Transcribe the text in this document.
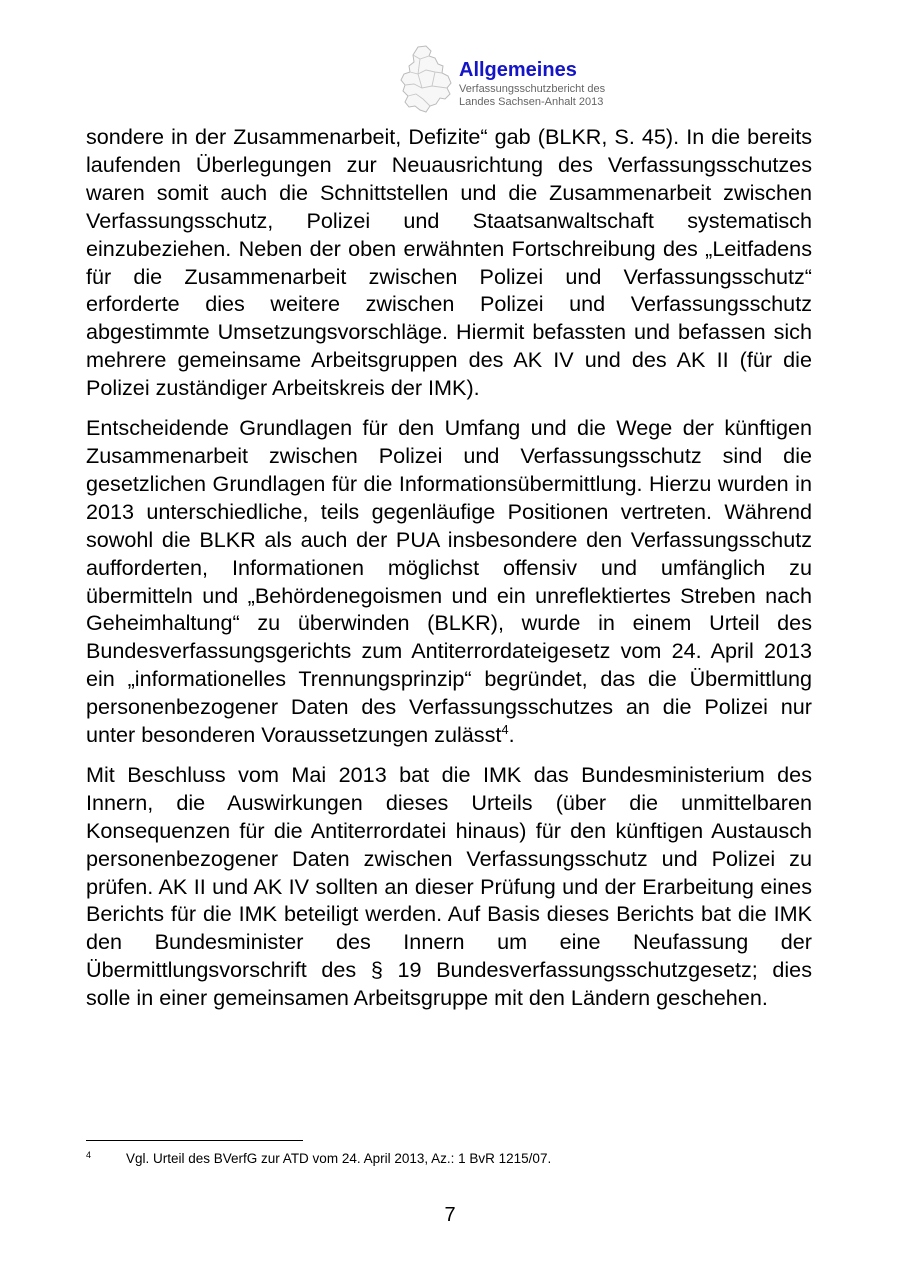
Allgemeines
Verfassungsschutzbericht des
Landes Sachsen-Anhalt 2013

sondere in der Zusammenarbeit, Defizite“ gab (BLKR, S. 45). In die bereits laufenden Überlegungen zur Neuausrichtung des Verfassungsschutzes waren somit auch die Schnittstellen und die Zusammenarbeit zwischen Verfassungsschutz, Polizei und Staatsanwaltschaft systematisch einzubeziehen. Neben der oben erwähnten Fortschreibung des „Leitfadens für die Zusammenarbeit zwischen Polizei und Verfassungsschutz“ erforderte dies weitere zwischen Polizei und Verfassungsschutz abgestimmte Umsetzungsvorschläge. Hiermit befassten und befassen sich mehrere gemeinsame Arbeitsgruppen des AK IV und des AK II (für die Polizei zuständiger Arbeitskreis der IMK).

Entscheidende Grundlagen für den Umfang und die Wege der künftigen Zusammenarbeit zwischen Polizei und Verfassungsschutz sind die gesetzlichen Grundlagen für die Informationsübermittlung. Hierzu wurden in 2013 unterschiedliche, teils gegenläufige Positionen vertreten. Während sowohl die BLKR als auch der PUA insbesondere den Verfassungsschutz aufforderten, Informationen möglichst offensiv und umfänglich zu übermitteln und „Behördenegoismen und ein unreflektiertes Streben nach Geheimhaltung“ zu überwinden (BLKR), wurde in einem Urteil des Bundesverfassungsgerichts zum Antiterrordateigesetz vom 24. April 2013 ein „informationelles Trennungsprinzip“ begründet, das die Übermittlung personenbezogener Daten des Verfassungsschutzes an die Polizei nur unter besonderen Voraussetzungen zulässt$^4$.

Mit Beschluss vom Mai 2013 bat die IMK das Bundesministerium des Innern, die Auswirkungen dieses Urteils (über die unmittelbaren Konsequenzen für die Antiterrordatei hinaus) für den künftigen Austausch personenbezogener Daten zwischen Verfassungsschutz und Polizei zu prüfen. AK II und AK IV sollten an dieser Prüfung und der Erarbeitung eines Berichts für die IMK beteiligt werden. Auf Basis dieses Berichts bat die IMK den Bundesminister des Innern um eine Neufassung der Übermittlungsvorschrift des § 19 Bundesverfassungsschutzgesetz; dies solle in einer gemeinsamen Arbeitsgruppe mit den Ländern geschehen.

4	Vgl. Urteil des BVerfG zur ATD vom 24. April 2013, Az.: 1 BvR 1215/07.
7
